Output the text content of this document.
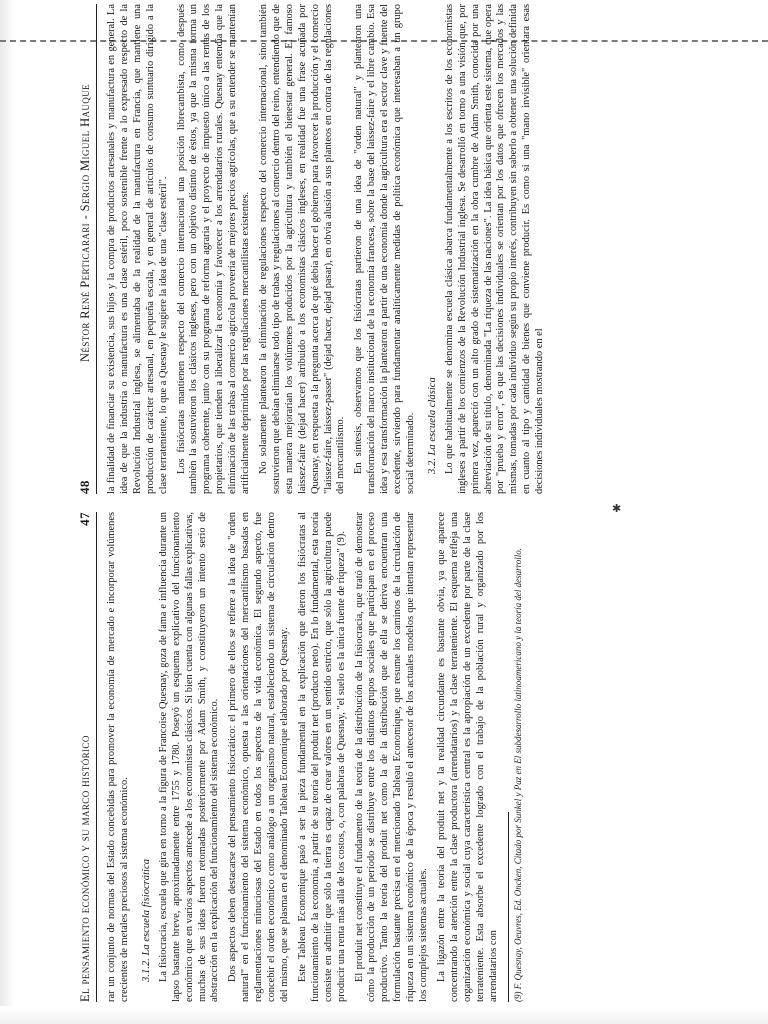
✱
El pensamiento económico y su marco histórico
47 rar un conjunto de normas del Estado concebidas para promover la economía de mercado e incorporar volúmenes crecientes de metales preciosos al sistema económico. 3.1.2. La escuela fisiocrática La fisiocracia, escuela que gira en torno a la figura de Francoise Quesnay, goza de fama e influencia durante un lapso bastante breve, aproximadamente entre 1755 y 1780. Poseyó un esquema explicativo del funcionamiento económico que en varios aspectos antecede a los economistas clásicos. Si bien cuenta con algunas fallas explicativas, muchas de sus ideas fueron retomadas posteriormente por Adam Smith, y constituyeron un intento serio de abstracción en la explicación del funcionamiento del sistema económico. Dos aspectos deben destacarse del pensamiento fisiocrático: el primero de ellos se refiere a la idea de "orden natural" en el funcionamiento del sistema económico, opuesta a las orientaciones del mercantilismo basadas en reglamentaciones minuciosas del Estado en todos los aspectos de la vida económica. El segundo aspecto, fue concebir el orden económico como análogo a un organismo natural, estableciendo un sistema de circulación dentro del mismo, que se plasma en el denominado Tableau Economique elaborado por Quesnay. Este Tableau Economique pasó a ser la pieza fundamental en la explicación que dieron los fisiócratas al funcionamiento de la economía, a partir de su teoría del produit net (producto neto). En lo fundamental, esta teoría consiste en admitir que sólo la tierra es capaz de crear valores en un sentido estricto, que sólo la agricultura puede producir una renta más allá de los costos, o, con palabras de Quesnay, "el suelo es la única fuente de riqueza" (9). El produit net constituye el fundamento de la teoría de la distribución de la fisiocracia, que trató de demostrar cómo la producción de un período se distribuye entre los distintos grupos sociales que participan en el proceso productivo. Tanto la teoría del produit net como la de la distribución que de ella se deriva encuentran una formulación bastante precisa en el mencionado Tableau Economique, que resume los caminos de la circulación de riqueza en un sistema económico de la época y resultó el antecesor de los actuales modelos que intentan representar los complejos sistemas actuales. La ligazón entre la teoría del produit net y la realidad circundante es bastante obvia, ya que aparece concentrando la atención entre la clase productora (arrendatarios) y la clase terrateniente. El esquema refleja una organización económica y social cuya característica central es la apropiación de un excedente por parte de la clase terrateniente. Esta absorbe el excedente logrado con el trabajo de la población rural y organizado por los arrendatarios con (9) F. Quesnay, Oeuvres, Ed. Oncken, Citado por Sunkel y Paz en El subdesarrollo latinoamericano y la teoría del desarrollo.
48
Néstor René Perticarari - Sergio Miguel Hauque la finalidad de financiar su existencia, sus hijos y la compra de productos artesanales y manufactura en general. La idea de que la industria o manufactura es una clase estéril, poco sostenible frente a lo expresado respecto de la Revolución Industrial inglesa, se alimentaba de la realidad de la manufactura en Francia, que mantiene una producción de carácter artesanal, en pequeña escala, y en general de artículos de consumo suntuario dirigido a la clase terrateniente, lo que a Quesnay le sugiere la idea de una "clase estéril". Los fisiócratas mantienen respecto del comercio internacional una posición librecambista, como después también la sostuvieron los clásicos ingleses, pero con un objetivo distinto de éstos, ya que la misma forma un programa coherente, junto con su programa de reforma agraria y el proyecto de impuesto único a las rentas de los propietarios, que tienden a liberalizar la economía y favorecer a los arrendatarios rurales. Quesnay entendía que la eliminación de las trabas al comercio agrícola proveería de mejores precios agrícolas, que a su entender se mantenían artificialmente deprimidos por las regulaciones mercantilistas existentes. No solamente plantearon la eliminación de regulaciones respecto del comercio internacional, sino también sostuvieron que debían eliminarse todo tipo de trabas y regulaciones al comercio dentro del reino, entendiendo que de esta manera mejorarían los volúmenes producidos por la agricultura y también el bienestar general. El famoso laissez-faire (dejad hacer) atribuido a los economistas clásicos ingleses, en realidad fue una frase acuñada por Quesnay, en respuesta a la pregunta acerca de qué debía hacer el gobierno para favorecer la producción y el comercio "laissez-faire, laissez-passer" (dejad hacer, dejad pasar), en obvia alusión a sus planteos en contra de las regulaciones del mercantilismo. En síntesis, observamos que los fisiócratas partieron de una idea de "orden natural" y plantearon una transformación del marco institucional de la economía francesa, sobre la base del laissez-faire y el libre cambio. Esa idea y esa transformación la plantearon a partir de una economía donde la agricultura era el sector clave y fuente del excedente, sirviendo para fundamentar analíticamente medidas de política económica que interesaban a un grupo social determinado. 3.2. La escuela clásica Lo que habitualmente se denomina escuela clásica abarca fundamentalmente a los escritos de los economistas ingleses a partir de los comienzos de la Revolución Industrial inglesa. Se desarrolló en torno a una visión que, por primera vez, apareció con un alto grado de sistematización en la obra cumbre de Adam Smith, conocida por una abreviación de su título, denominada "La riqueza de las naciones". La idea básica que orienta este sistema, que opera por "prueba y error", es que las decisiones individuales se orientan por los datos que ofrecen los mercados y las mismas, tomadas por cada individuo según su propio interés, contribuyen sin saberlo a obtener una solución definida en cuanto al tipo y cantidad de bienes que conviene producir. Es como si una "mano invisible" orientara esas decisiones individuales mostrando en el
